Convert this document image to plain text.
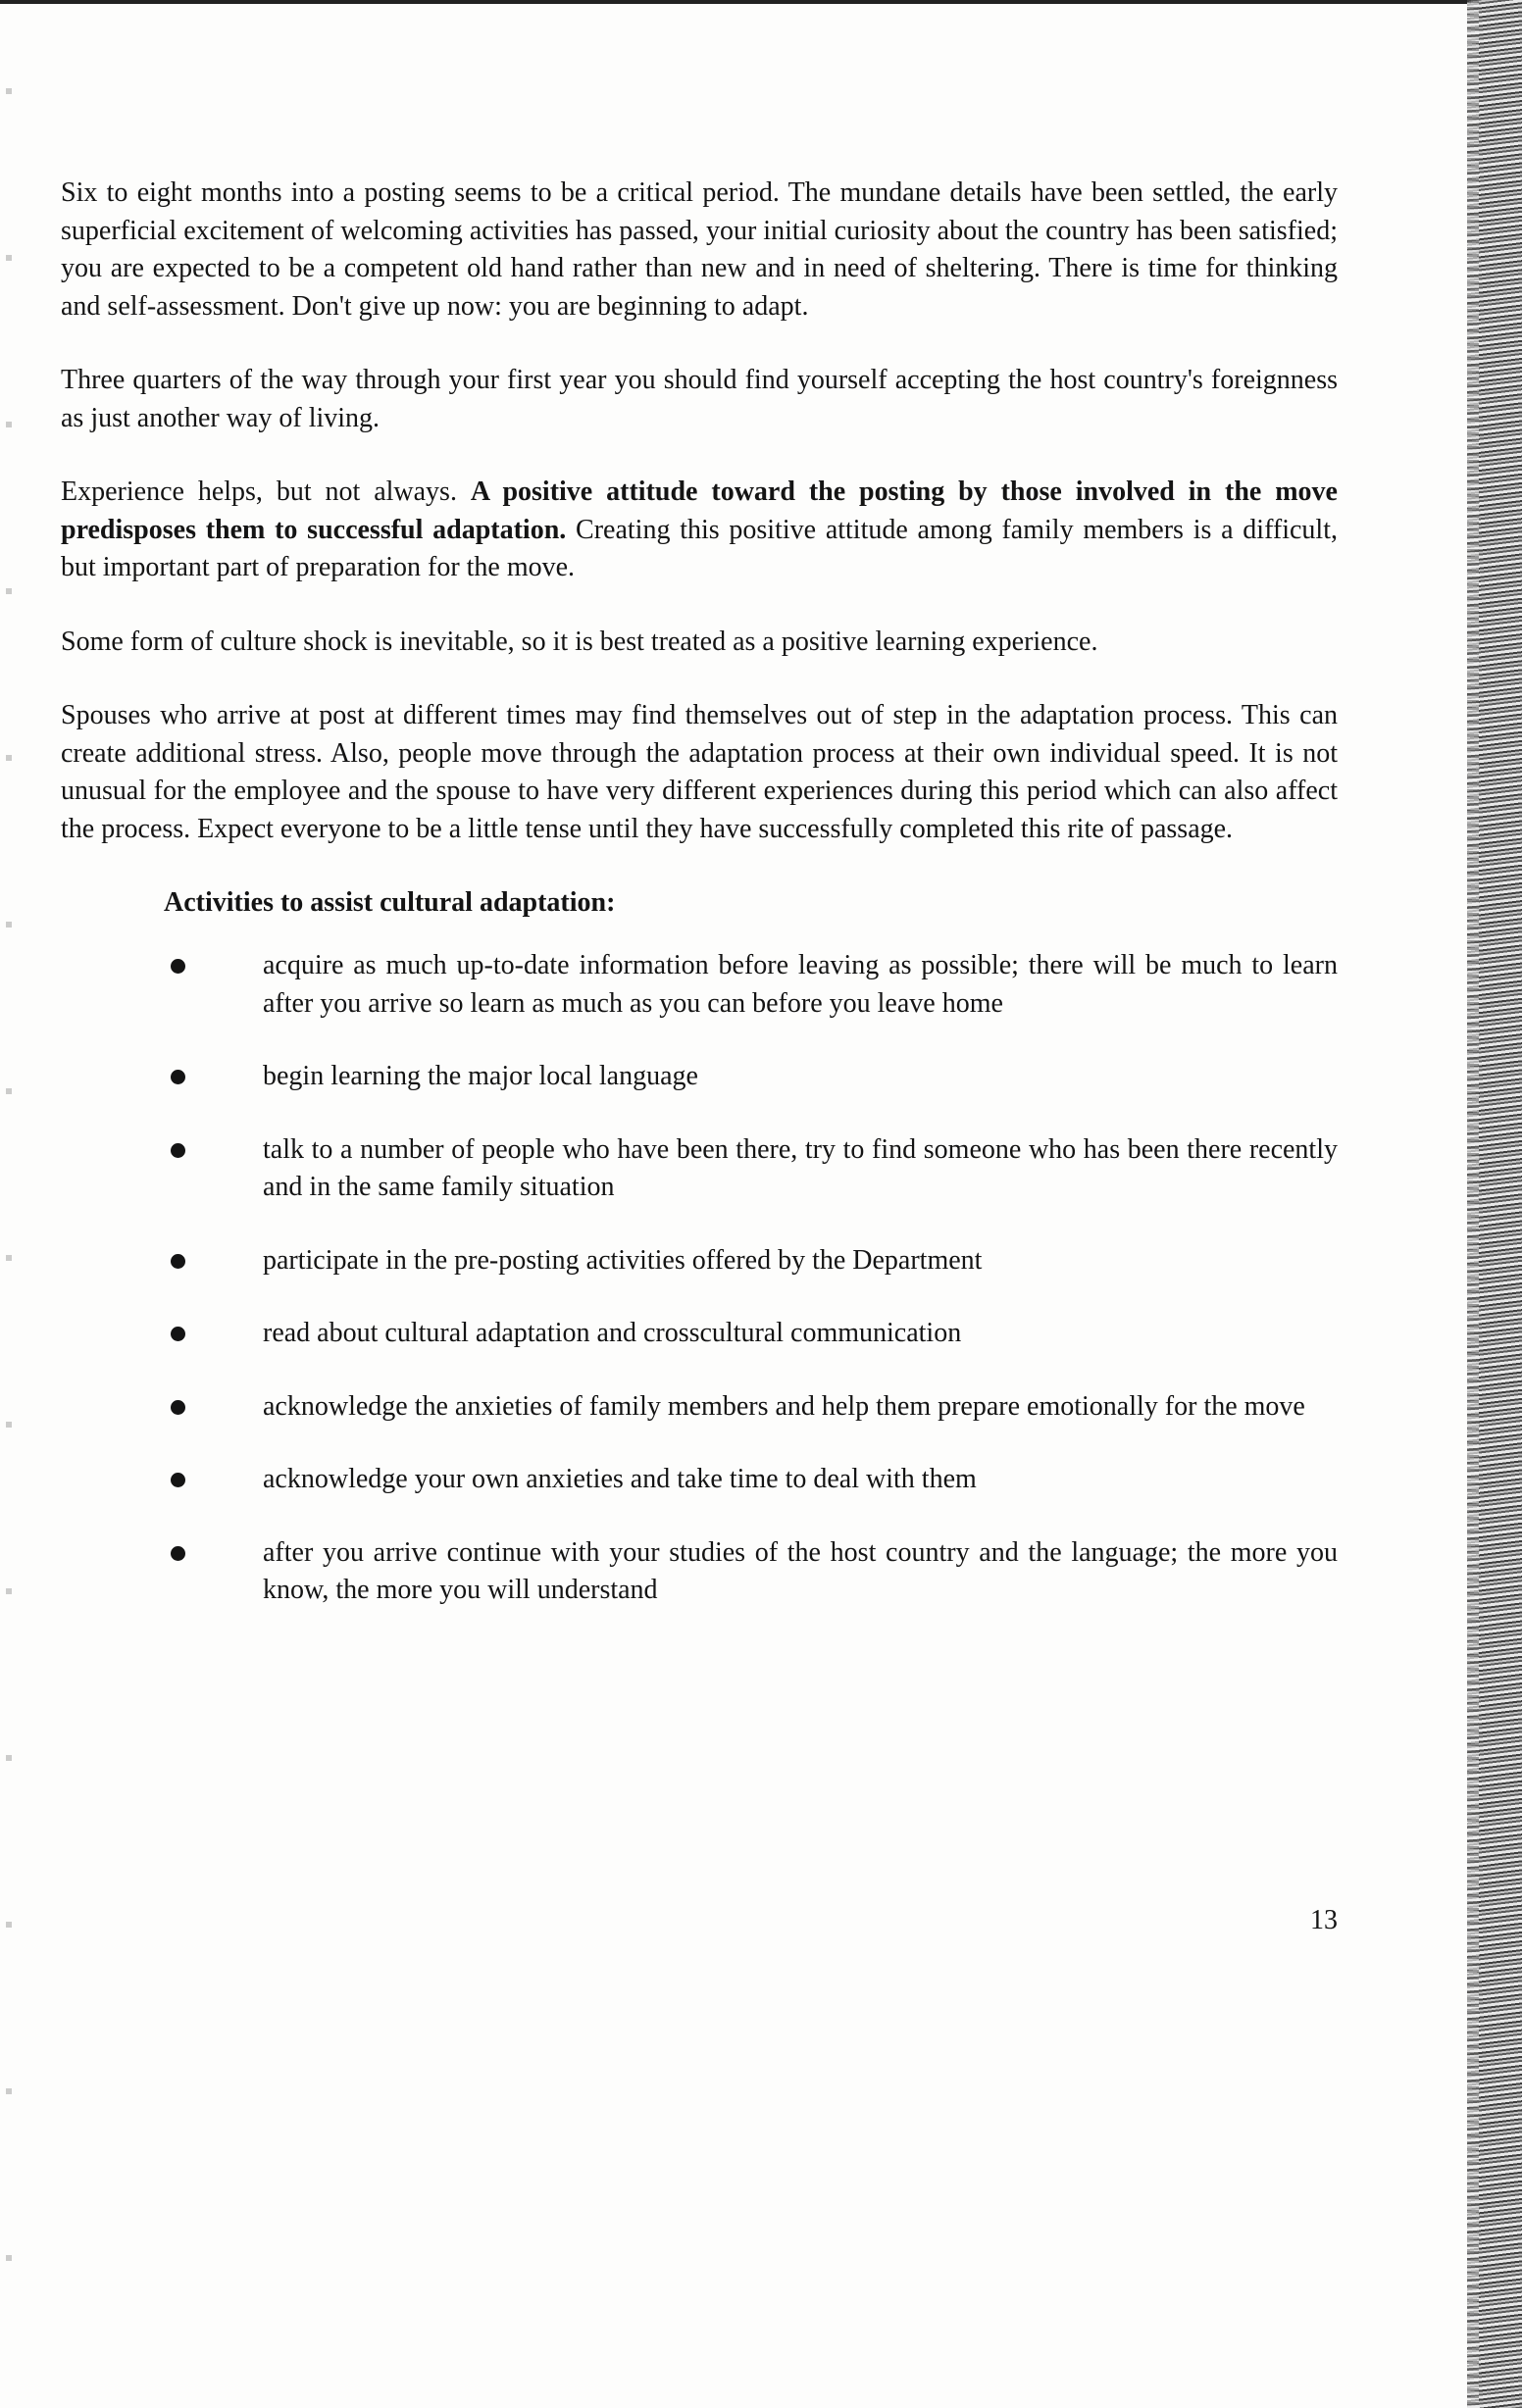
Six to eight months into a posting seems to be a critical period. The mundane details have been settled, the early superficial excitement of welcoming activities has passed, your initial curiosity about the country has been satisfied; you are expected to be a competent old hand rather than new and in need of sheltering. There is time for thinking and self-assessment. Don't give up now: you are beginning to adapt.

Three quarters of the way through your first year you should find yourself accepting the host country's foreignness as just another way of living.

Experience helps, but not always. A positive attitude toward the posting by those involved in the move predisposes them to successful adaptation. Creating this positive attitude among family members is a difficult, but important part of preparation for the move.

Some form of culture shock is inevitable, so it is best treated as a positive learning experience.

Spouses who arrive at post at different times may find themselves out of step in the adaptation process. This can create additional stress. Also, people move through the adaptation process at their own individual speed. It is not unusual for the employee and the spouse to have very different experiences during this period which can also affect the process. Expect everyone to be a little tense until they have successfully completed this rite of passage.

Activities to assist cultural adaptation:
acquire as much up-to-date information before leaving as possible; there will be much to learn after you arrive so learn as much as you can before you leave home
begin learning the major local language
talk to a number of people who have been there, try to find someone who has been there recently and in the same family situation
participate in the pre-posting activities offered by the Department
read about cultural adaptation and crosscultural communication
acknowledge the anxieties of family members and help them prepare emotionally for the move
acknowledge your own anxieties and take time to deal with them
after you arrive continue with your studies of the host country and the language; the more you know, the more you will understand
13
